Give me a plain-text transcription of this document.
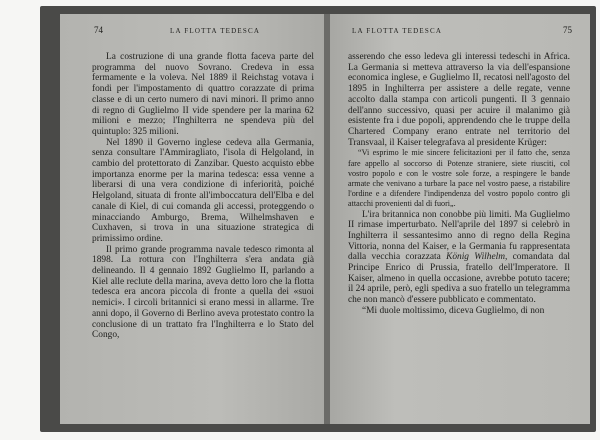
74	LA FLOTTA TEDESCA

La costruzione di una grande flotta faceva parte del programma del nuovo Sovrano. Credeva in essa fermamente e la voleva. Nel 1889 il Reichstag votava i fondi per l'impostamento di quattro corazzate di prima classe e di un certo numero di navi minori. Il primo anno di regno di Guglielmo II vide spendere per la marina 62 milioni e mezzo; l'Inghilterra ne spendeva più del quintuplo: 325 milioni.

Nel 1890 il Governo inglese cedeva alla Germania, senza consultare l'Ammiragliato, l'isola di Helgoland, in cambio del protettorato di Zanzibar. Questo acquisto ebbe importanza enorme per la marina tedesca: essa venne a liberarsi di una vera condizione di inferiorità, poiché Helgoland, situata di fronte all'imboccatura dell'Elba e del canale di Kiel, di cui comanda gli accessi, proteggendo o minacciando Amburgo, Brema, Wilhelmshaven e Cuxhaven, si trova in una situazione strategica di primissimo ordine.

Il primo grande programma navale tedesco rimonta al 1898. La rottura con l'Inghilterra s'era andata già delineando. Il 4 gennaio 1892 Guglielmo II, parlando a Kiel alle reclute della marina, aveva detto loro che la flotta tedesca era ancora piccola di fronte a quella dei «suoi nemici». I circoli britannici si erano messi in allarme. Tre anni dopo, il Governo di Berlino aveva protestato contro la conclusione di un trattato fra l'Inghilterra e lo Stato del Congo,

LA FLOTTA TEDESCA	75

asserendo che esso ledeva gli interessi tedeschi in Africa. La Germania si metteva attraverso la via dell'espansione economica inglese, e Guglielmo II, recatosi nell'agosto del 1895 in Inghilterra per assistere a delle regate, venne accolto dalla stampa con articoli pungenti. Il 3 gennaio dell'anno successivo, quasi per acuire il malanimo già esistente fra i due popoli, apprendendo che le truppe della Chartered Company erano entrate nel territorio del Transvaal, il Kaiser telegrafava al presidente Krüger:

“Vi esprimo le mie sincere felicitazioni per il fatto che, senza fare appello al soccorso di Potenze straniere, siete riusciti, col vostro popolo e con le vostre sole forze, a respingere le bande armate che venivano a turbare la pace nel vostro paese, a ristabilire l'ordine e a difendere l'indipendenza del vostro popolo contro gli attacchi provenienti dal di fuori„.

L'ira britannica non conobbe più limiti. Ma Guglielmo II rimase imperturbato. Nell'aprile del 1897 si celebrò in Inghilterra il sessantesimo anno di regno della Regina Vittoria, nonna del Kaiser, e la Germania fu rappresentata dalla vecchia corazzata König Wilhelm, comandata dal Principe Enrico di Prussia, fratello dell'Imperatore. Il Kaiser, almeno in quella occasione, avrebbe potuto tacere; il 24 aprile, però, egli spediva a suo fratello un telegramma che non mancò d'essere pubblicato e commentato.

“Mi duole moltissimo, diceva Guglielmo, di non
